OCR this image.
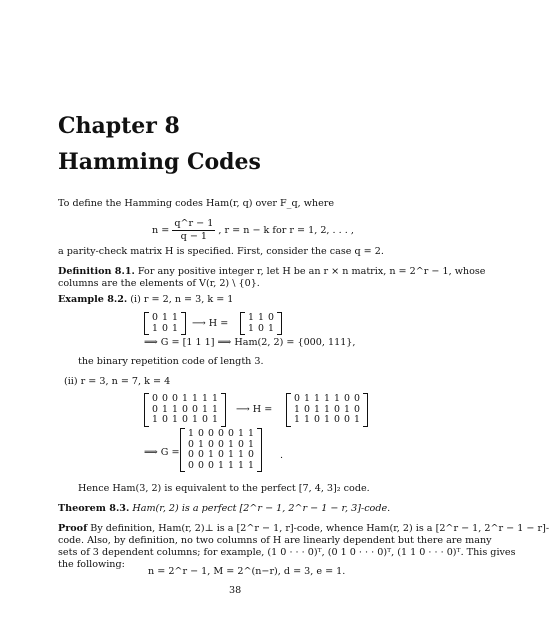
Chapter 8
Hamming Codes
To define the Hamming codes Ham(r, q) over F_q, where
$n = \frac{q\^{}r - 1}{q - 1}$ , r = n − k for r = 1, 2, . . . ,
a parity-check matrix H is specified. First, consider the case q = 2.
Definition 8.1. For any positive integer r, let H be an r × n matrix, n = 2^r − 1, whose
columns are the elements of V(r, 2) \ {0}.
Example 8.2. (i) r = 2, n = 3, k = 1
0 1 1
1 0 1 ⟶ H =
1 1 0
1 0 1
⟹ G = [1 1 1] ⟹ Ham(2, 2) = {000, 111},
the binary repetition code of length 3.
(ii) r = 3, n = 7, k = 4
0 0 0 1 1 1 1
0 1 1 0 0 1 1
1 0 1 0 1 0 1
⟶ H =
0 1 1 1 1 0 0
1 0 1 1 0 1 0
1 1 0 1 0 0 1
⟹ G =
1 0 0 0 0 1 1
0 1 0 0 1 0 1
0 0 1 0 1 1 0
0 0 0 1 1 1 1
.
Hence Ham(3, 2) is equivalent to the perfect [7, 4, 3]₂ code.
Theorem 8.3. Ham(r, 2) is a perfect [2^r − 1, 2^r − 1 − r, 3]-code.
Proof By definition, Ham(r, 2)⊥ is a [2^r − 1, r]-code, whence Ham(r, 2) is a [2^r − 1, 2^r − 1 − r]-
code. Also, by definition, no two columns of H are linearly dependent but there are many
sets of 3 dependent columns; for example, (1 0 · · · 0)ᵀ, (0 1 0 · · · 0)ᵀ, (1 1 0 · · · 0)ᵀ. This gives
the following:
n = 2^r − 1, M = 2^(n−r), d = 3, e = 1.
38
